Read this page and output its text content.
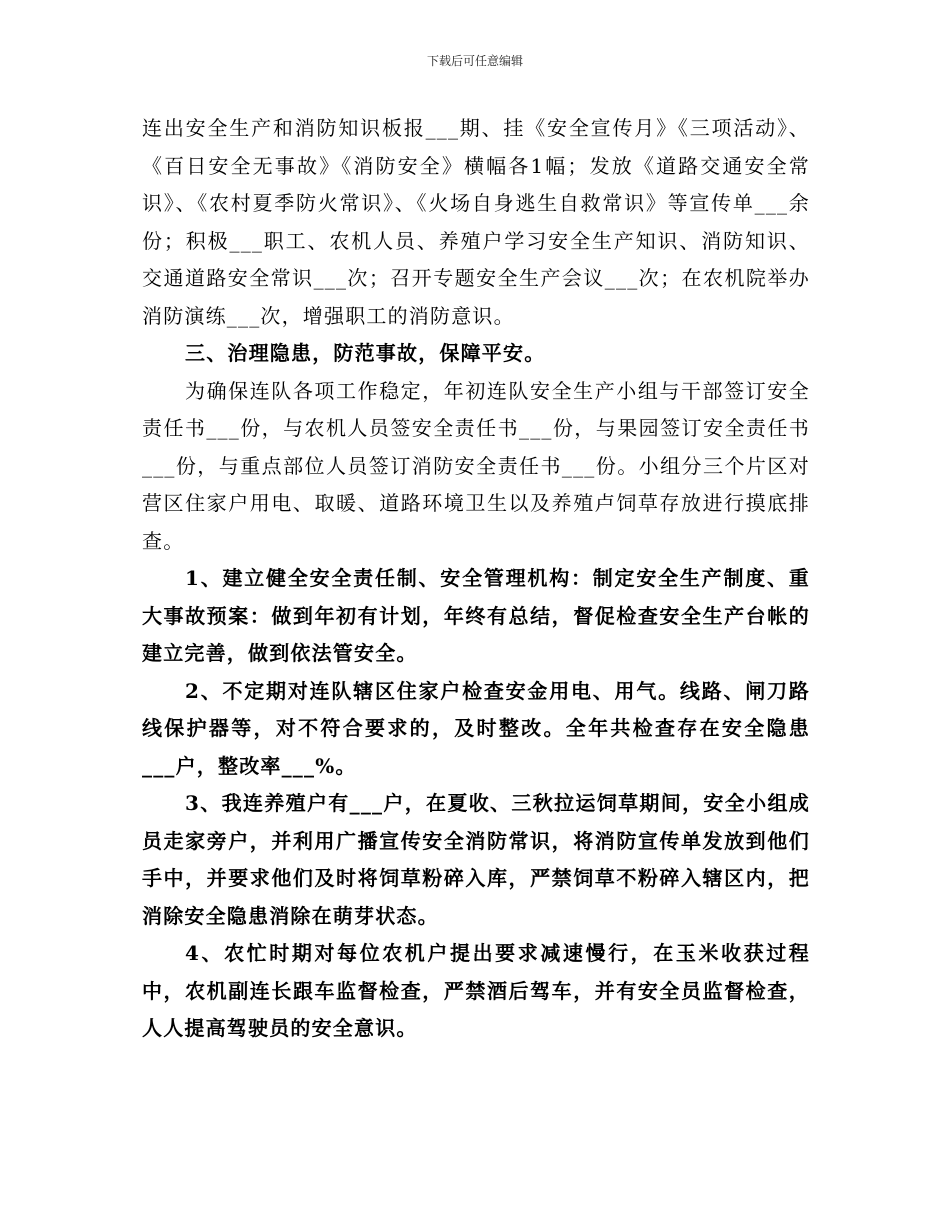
下载后可任意编辑

连出安全生产和消防知识板报___期、挂《安全宣传月》《三项活动》、《百日安全无事故》《消防安全》横幅各1幅；发放《道路交通安全常识》、《农村夏季防火常识》、《火场自身逃生自救常识》等宣传单___余份；积极___职工、农机人员、养殖户学习安全生产知识、消防知识、交通道路安全常识___次；召开专题安全生产会议___次；在农机院举办消防演练___次，增强职工的消防意识。

三、治理隐患，防范事故，保障平安。

为确保连队各项工作稳定，年初连队安全生产小组与干部签订安全责任书___份，与农机人员签安全责任书___份，与果园签订安全责任书___份，与重点部位人员签订消防安全责任书___份。小组分三个片区对营区住家户用电、取暖、道路环境卫生以及养殖卢饲草存放进行摸底排查。

1、建立健全安全责任制、安全管理机构：制定安全生产制度、重大事故预案：做到年初有计划，年终有总结，督促检查安全生产台帐的建立完善，做到依法管安全。

2、不定期对连队辖区住家户检查安金用电、用气。线路、闸刀路线保护器等，对不符合要求的，及时整改。全年共检查存在安全隐患___户，整改率___%。

3、我连养殖户有___户，在夏收、三秋拉运饲草期间，安全小组成员走家旁户，并利用广播宣传安全消防常识，将消防宣传单发放到他们手中，并要求他们及时将饲草粉碎入库，严禁饲草不粉碎入辖区内，把消除安全隐患消除在萌芽状态。

4、农忙时期对每位农机户提出要求减速慢行，在玉米收获过程中，农机副连长跟车监督检查，严禁酒后驾车，并有安全员监督检查，人人提高驾驶员的安全意识。
